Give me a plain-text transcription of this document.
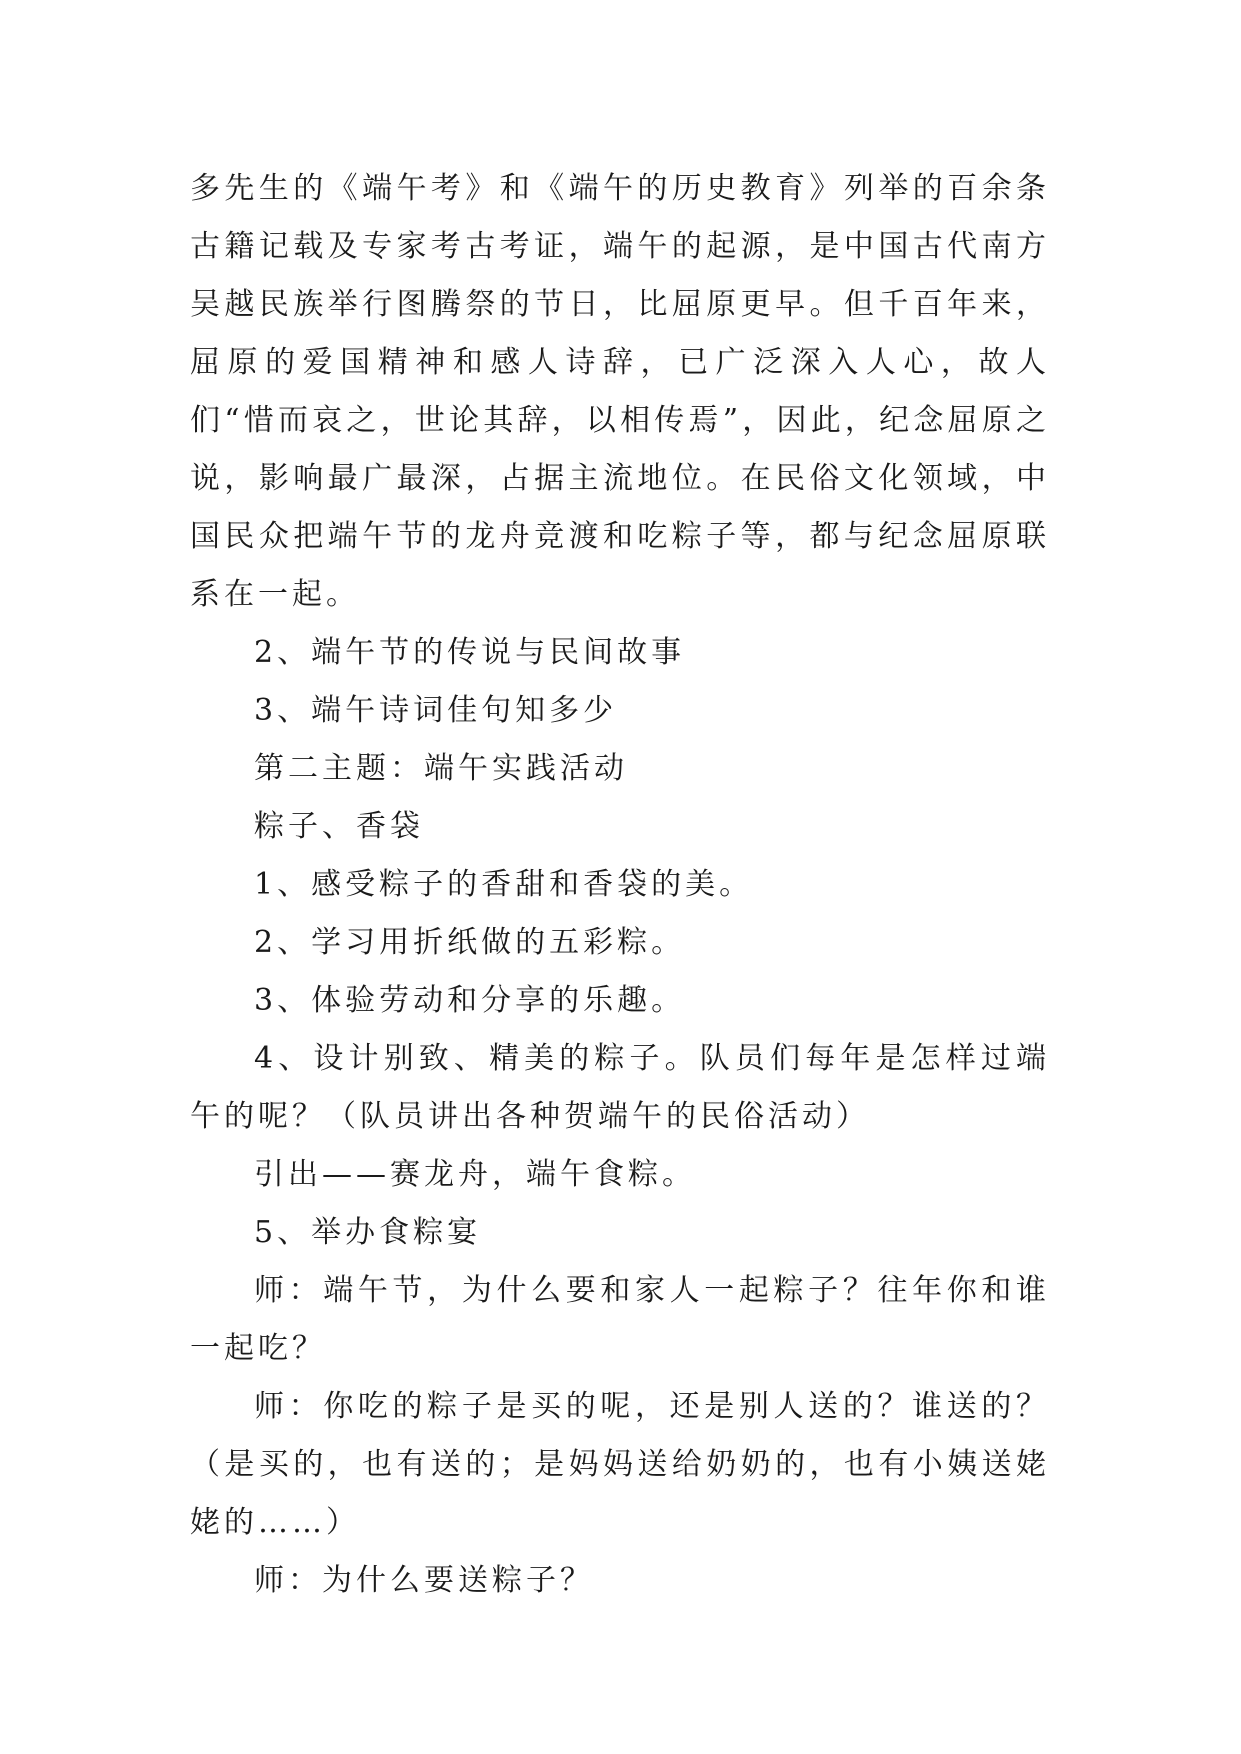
多先生的《端午考》和《端午的历史教育》列举的百余条古籍记载及专家考古考证，端午的起源，是中国古代南方吴越民族举行图腾祭的节日，比屈原更早。但千百年来，屈原的爱国精神和感人诗辞，已广泛深入人心，故人们“惜而哀之，世论其辞，以相传焉”，因此，纪念屈原之说，影响最广最深，占据主流地位。在民俗文化领域，中国民众把端午节的龙舟竞渡和吃粽子等，都与纪念屈原联系在一起。

2、端午节的传说与民间故事

3、端午诗词佳句知多少

第二主题：端午实践活动

粽子、香袋

1、感受粽子的香甜和香袋的美。

2、学习用折纸做的五彩粽。

3、体验劳动和分享的乐趣。

4、设计别致、精美的粽子。队员们每年是怎样过端午的呢？（队员讲出各种贺端午的民俗活动）

引出——赛龙舟，端午食粽。

5、举办食粽宴

师：端午节，为什么要和家人一起粽子？往年你和谁一起吃？

师：你吃的粽子是买的呢，还是别人送的？谁送的？（是买的，也有送的；是妈妈送给奶奶的，也有小姨送姥姥的……）

师：为什么要送粽子？
